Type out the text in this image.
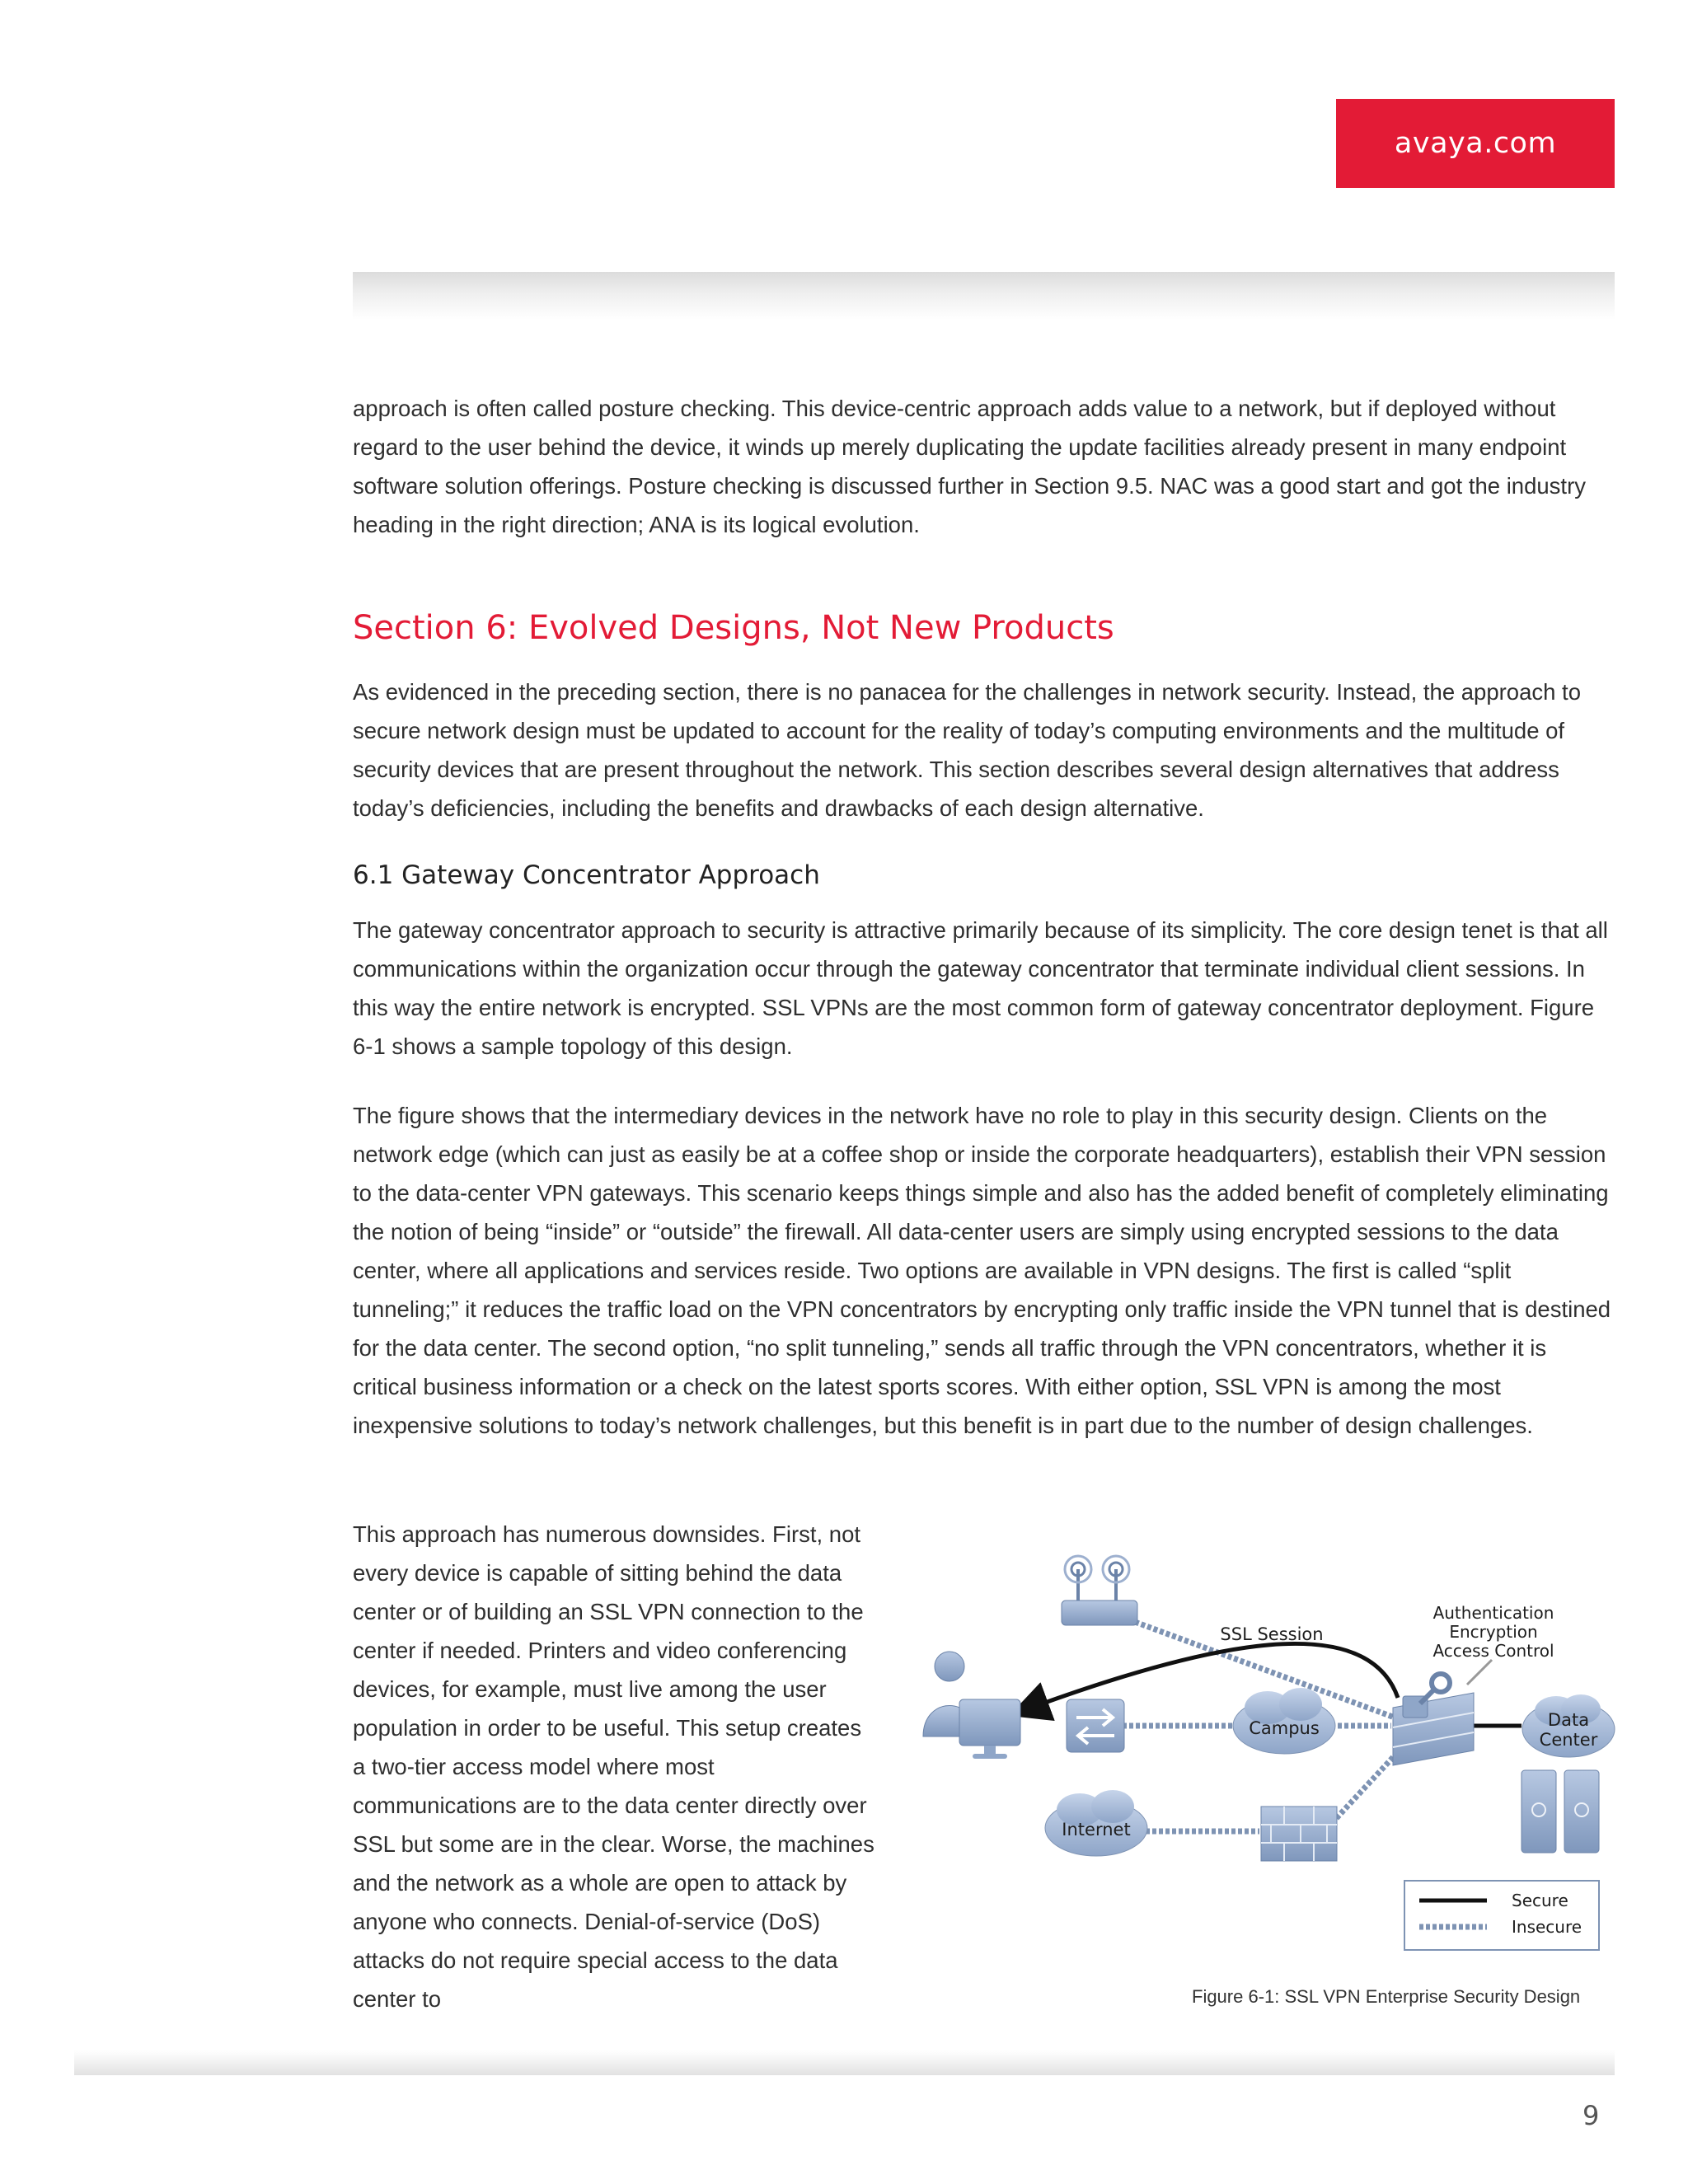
avaya.com

approach is often called posture checking. This device-centric approach adds value to a network, but if deployed without regard to the user behind the device, it winds up merely duplicating the update facilities already present in many endpoint software solution offerings. Posture checking is discussed further in Section 9.5. NAC was a good start and got the industry heading in the right direction; ANA is its logical evolution.

Section 6: Evolved Designs, Not New Products

As evidenced in the preceding section, there is no panacea for the challenges in network security. Instead, the approach to secure network design must be updated to account for the reality of today’s computing environments and the multitude of security devices that are present throughout the network. This section describes several design alternatives that address today’s deficiencies, including the benefits and drawbacks of each design alternative.

6.1 Gateway Concentrator Approach

The gateway concentrator approach to security is attractive primarily because of its simplicity. The core design tenet is that all communications within the organization occur through the gateway concentrator that terminate individual client sessions. In this way the entire network is encrypted. SSL VPNs are the most common form of gateway concentrator deployment. Figure 6-1 shows a sample topology of this design.

The figure shows that the intermediary devices in the network have no role to play in this security design. Clients on the network edge (which can just as easily be at a coffee shop or inside the corporate headquarters), establish their VPN session to the data-center VPN gateways. This scenario keeps things simple and also has the added benefit of completely eliminating the notion of being “inside” or “outside” the firewall. All data-center users are simply using encrypted sessions to the data center, where all applications and services reside. Two options are available in VPN designs. The first is called “split tunneling;” it reduces the traffic load on the VPN concentrators by encrypting only traffic inside the VPN tunnel that is destined for the data center. The second option, “no split tunneling,” sends all traffic through the VPN concentrators, whether it is critical business information or a check on the latest sports scores. With either option, SSL VPN is among the most inexpensive solutions to today’s network challenges, but this benefit is in part due to the number of design challenges.

This approach has numerous downsides. First, not every device is capable of sitting behind the data center or of building an SSL VPN connection to the center if needed. Printers and video conferencing devices, for example, must live among the user population in order to be useful. This setup creates a two-tier access model where most communications are to the data center directly over SSL but some are in the clear. Worse, the machines and the network as a whole are open to attack by anyone who connects. Denial-of-service (DoS) attacks do not require special access to the data center to

Campus
Internet
Data
Center
SSL Session
Authentication
Encryption
Access Control
Secure
Insecure
Figure 6-1: SSL VPN Enterprise Security Design
9
